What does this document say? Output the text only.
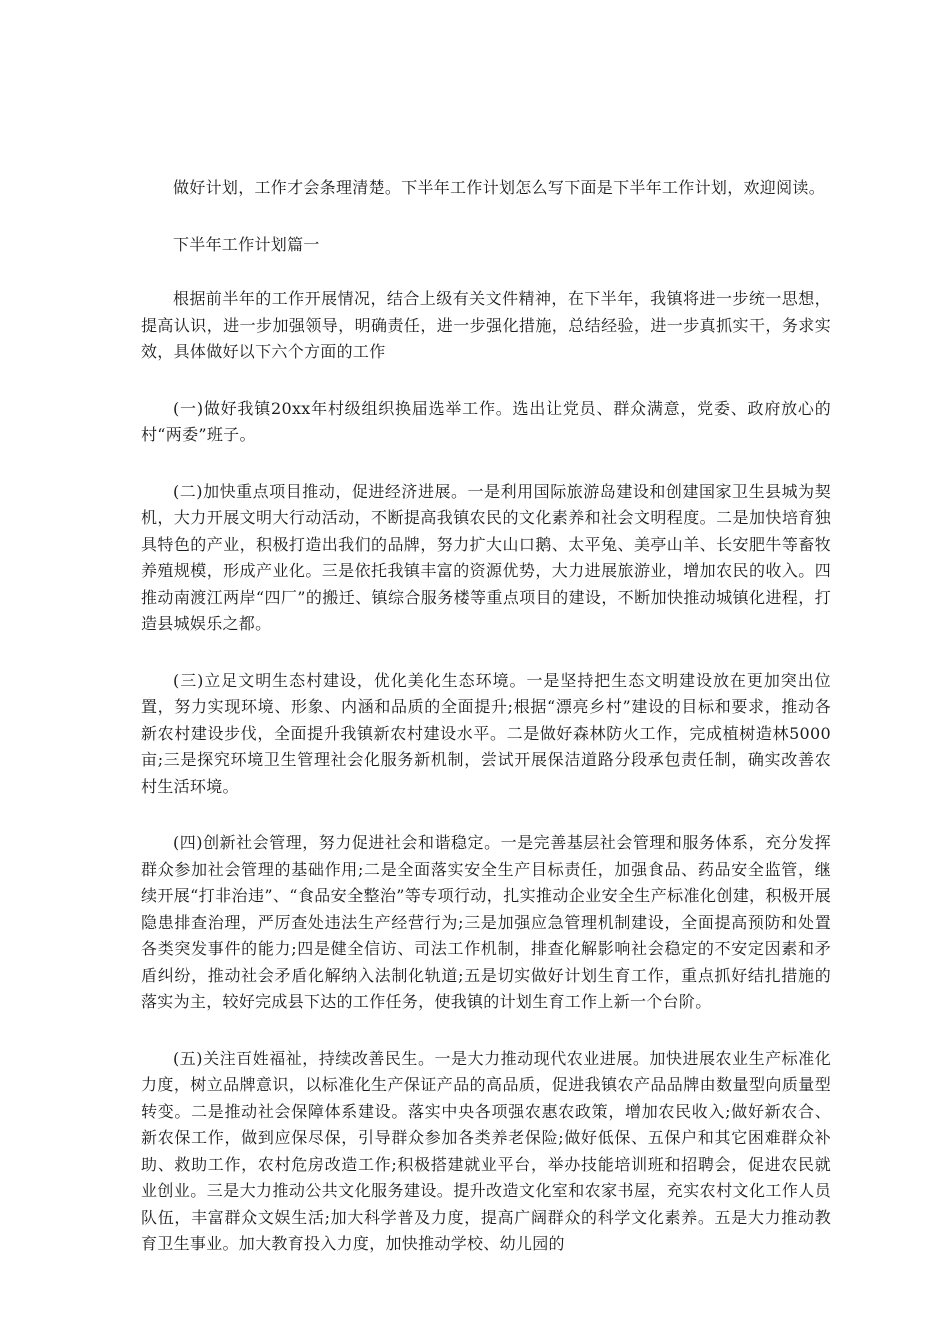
做好计划，工作才会条理清楚。下半年工作计划怎么写下面是下半年工作计划，欢迎阅读。

下半年工作计划篇一

根据前半年的工作开展情况，结合上级有关文件精神，在下半年，我镇将进一步统一思想，提高认识，进一步加强领导，明确责任，进一步强化措施，总结经验，进一步真抓实干，务求实效，具体做好以下六个方面的工作

(一)做好我镇20xx年村级组织换届选举工作。选出让党员、群众满意，党委、政府放心的村“两委”班子。

(二)加快重点项目推动，促进经济进展。一是利用国际旅游岛建设和创建国家卫生县城为契机，大力开展文明大行动活动，不断提高我镇农民的文化素养和社会文明程度。二是加快培育独具特色的产业，积极打造出我们的品牌，努力扩大山口鹅、太平兔、美亭山羊、长安肥牛等畜牧养殖规模，形成产业化。三是依托我镇丰富的资源优势，大力进展旅游业，增加农民的收入。四推动南渡江两岸“四厂”的搬迁、镇综合服务楼等重点项目的建设，不断加快推动城镇化进程，打造县城娱乐之都。

(三)立足文明生态村建设，优化美化生态环境。一是坚持把生态文明建设放在更加突出位置，努力实现环境、形象、内涵和品质的全面提升;根据“漂亮乡村”建设的目标和要求，推动各新农村建设步伐，全面提升我镇新农村建设水平。二是做好森林防火工作，完成植树造林5000亩;三是探究环境卫生管理社会化服务新机制，尝试开展保洁道路分段承包责任制，确实改善农村生活环境。

(四)创新社会管理，努力促进社会和谐稳定。一是完善基层社会管理和服务体系，充分发挥群众参加社会管理的基础作用;二是全面落实安全生产目标责任，加强食品、药品安全监管，继续开展“打非治违”、“食品安全整治”等专项行动，扎实推动企业安全生产标准化创建，积极开展隐患排查治理，严厉查处违法生产经营行为;三是加强应急管理机制建设，全面提高预防和处置各类突发事件的能力;四是健全信访、司法工作机制，排查化解影响社会稳定的不安定因素和矛盾纠纷，推动社会矛盾化解纳入法制化轨道;五是切实做好计划生育工作，重点抓好结扎措施的落实为主，较好完成县下达的工作任务，使我镇的计划生育工作上新一个台阶。

(五)关注百姓福祉，持续改善民生。一是大力推动现代农业进展。加快进展农业生产标准化力度，树立品牌意识，以标准化生产保证产品的高品质，促进我镇农产品品牌由数量型向质量型转变。二是推动社会保障体系建设。落实中央各项强农惠农政策，增加农民收入;做好新农合、新农保工作，做到应保尽保，引导群众参加各类养老保险;做好低保、五保户和其它困难群众补助、救助工作，农村危房改造工作;积极搭建就业平台，举办技能培训班和招聘会，促进农民就业创业。三是大力推动公共文化服务建设。提升改造文化室和农家书屋，充实农村文化工作人员队伍，丰富群众文娱生活;加大科学普及力度，提高广阔群众的科学文化素养。五是大力推动教育卫生事业。加大教育投入力度，加快推动学校、幼儿园的
